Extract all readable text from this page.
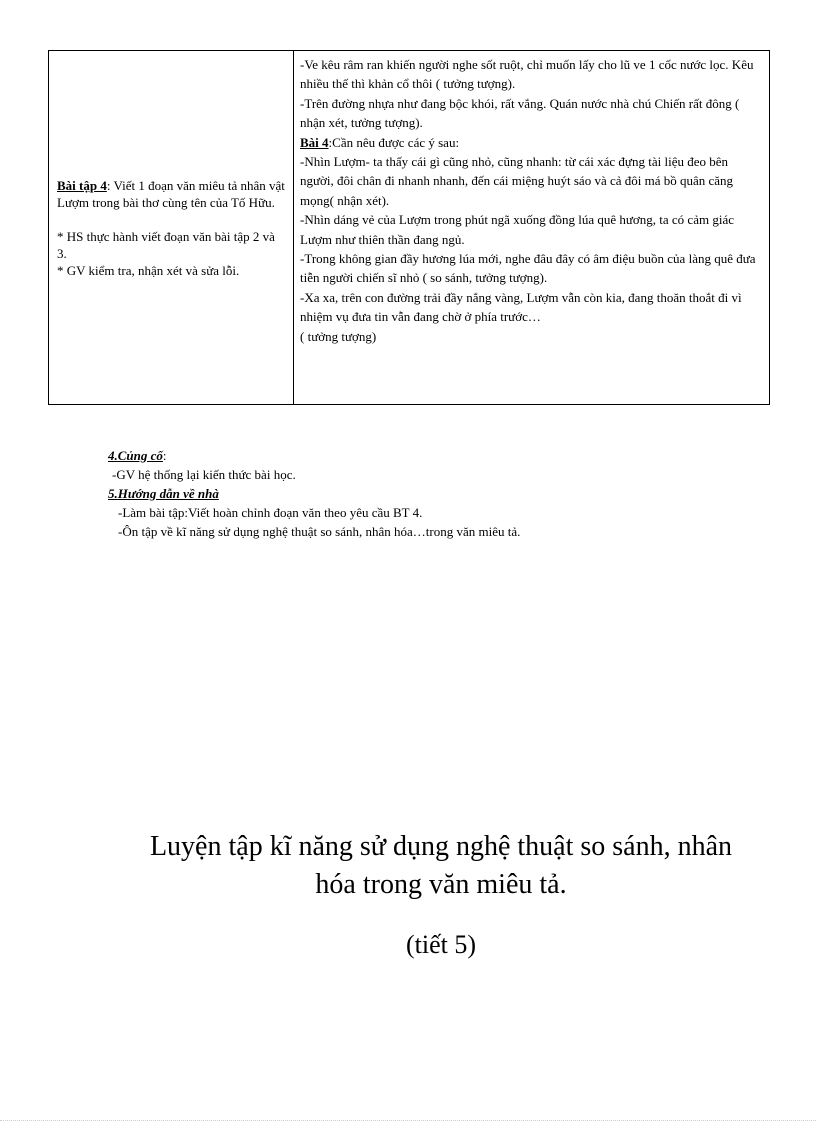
Bài tập 4: Viết 1 đoạn văn miêu tả nhân vật Lượm trong bài thơ cùng tên của Tố Hữu.

* HS thực hành viết đoạn văn bài tập 2 và 3.

* GV kiểm tra, nhận xét và sửa lỗi.

-Ve kêu râm ran khiến người nghe sốt ruột, chỉ muốn lấy cho lũ ve 1 cốc nước lọc. Kêu nhiều thế thì khản cổ thôi ( tưởng tượng).

-Trên đường nhựa như đang bộc khói, rất vắng. Quán nước nhà chú Chiến rất đông ( nhận xét, tưởng tượng).

Bài 4:Cần nêu được các ý sau:

-Nhìn Lượm- ta thấy cái gì cũng nhỏ, cũng nhanh: từ cái xác đựng tài liệu đeo bên người, đôi chân đi nhanh nhanh, đến cái miệng huýt sáo và cả đôi má bồ quân căng mọng( nhận xét).

-Nhìn dáng vẻ của Lượm trong phút ngã xuống đồng lúa quê hương, ta có cảm giác Lượm như thiên thần đang ngủ.

-Trong không gian đầy hương lúa mới, nghe đâu đây có âm điệu buồn của làng quê đưa tiễn người chiến sĩ nhỏ ( so sánh, tưởng tượng).

-Xa xa, trên con đường trải đầy nắng vàng, Lượm vẫn còn kia, đang thoăn thoắt đi vì nhiệm vụ đưa tin vẫn đang chờ ở phía trước…

( tưởng tượng)

4.Củng cố:

-GV hệ thống lại kiến thức bài học.

5.Hướng dẫn về nhà

-Làm bài tập:Viết hoàn chỉnh đoạn văn theo yêu cầu BT 4.

-Ôn tập về kĩ năng sử dụng nghệ thuật so sánh, nhân hóa…trong văn miêu tả.

Luyện tập kĩ năng sử dụng nghệ thuật so sánh, nhân
hóa trong văn miêu tả.
(tiết 5)
